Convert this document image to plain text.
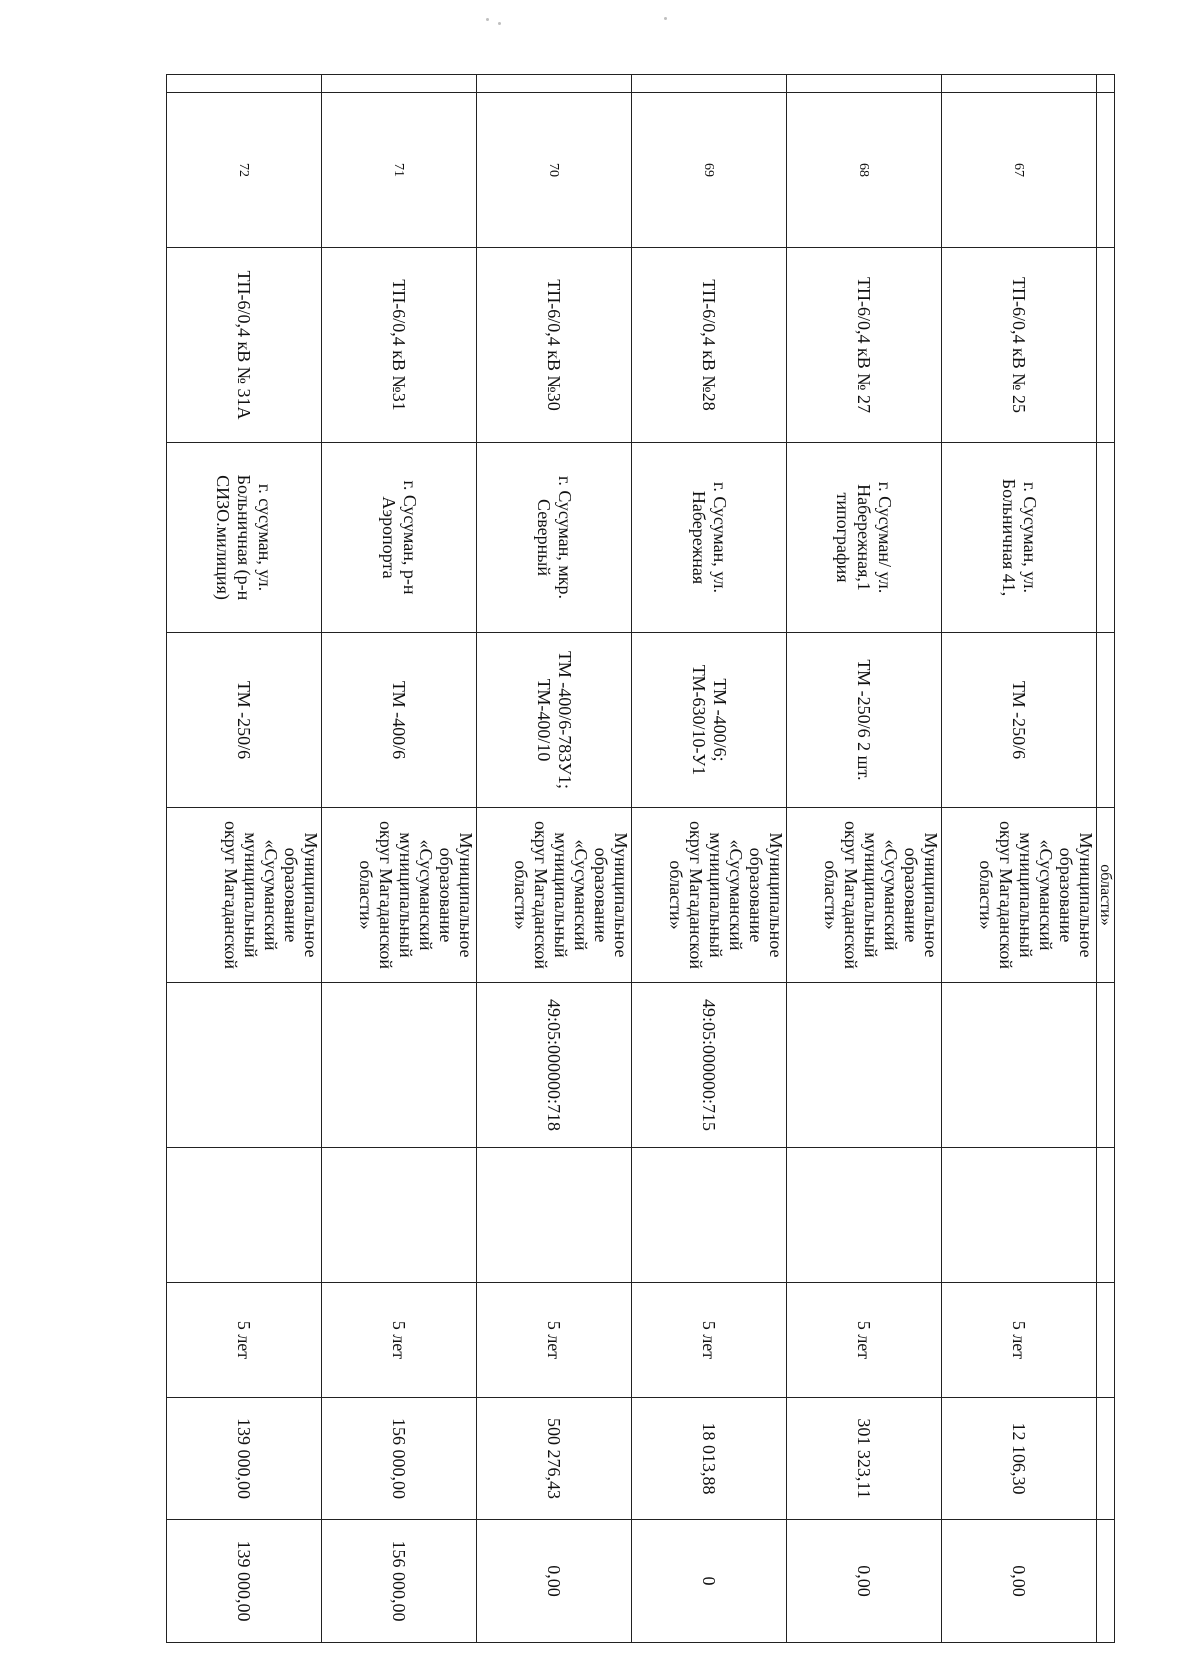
					области»					
	67	ТП-6/0,4 кВ № 25	г. Сусуман, ул. Больничная 41,	ТМ -250/6	Муниципальное образование «Сусуманский муниципальный округ Магаданской области»			5 лет	12 106,30	0,00
	68	ТП-6/0,4 кВ № 27	г. Сусуман/ ул. Набережная,1 типография	ТМ -250/6 2 шт.	Муниципальное образование «Сусуманский муниципальный округ Магаданской области»			5 лет	301 323,11	0,00
	69	ТП-6/0,4 кВ №28	г. Сусуман, ул. Набережная	ТМ -400/6; ТМ-630/10-У1	Муниципальное образование «Сусуманский муниципальный округ Магаданской области»	49:05:000000:715		5 лет	18 013,88	0
	70	ТП-6/0,4 кВ №30	г. Сусуман, мкр. Северный	ТМ -400/6-783У1; ТМ-400/10	Муниципальное образование «Сусуманский муниципальный округ Магаданской области»	49:05:000000:718		5 лет	500 276,43	0,00
	71	ТП-6/0,4 кВ №31	г. Сусуман, р-н Аэропорта	ТМ -400/6	Муниципальное образование «Сусуманский муниципальный округ Магаданской области»			5 лет	156 000,00	156 000,00
	72	ТП-6/0,4 кВ № 31А	г. сусуман, ул. Больничная (р-н СИЗО.милиция)	ТМ -250/6	Муниципальное образование «Сусуманский муниципальный округ Магаданской			5 лет	139 000,00	139 000,00
